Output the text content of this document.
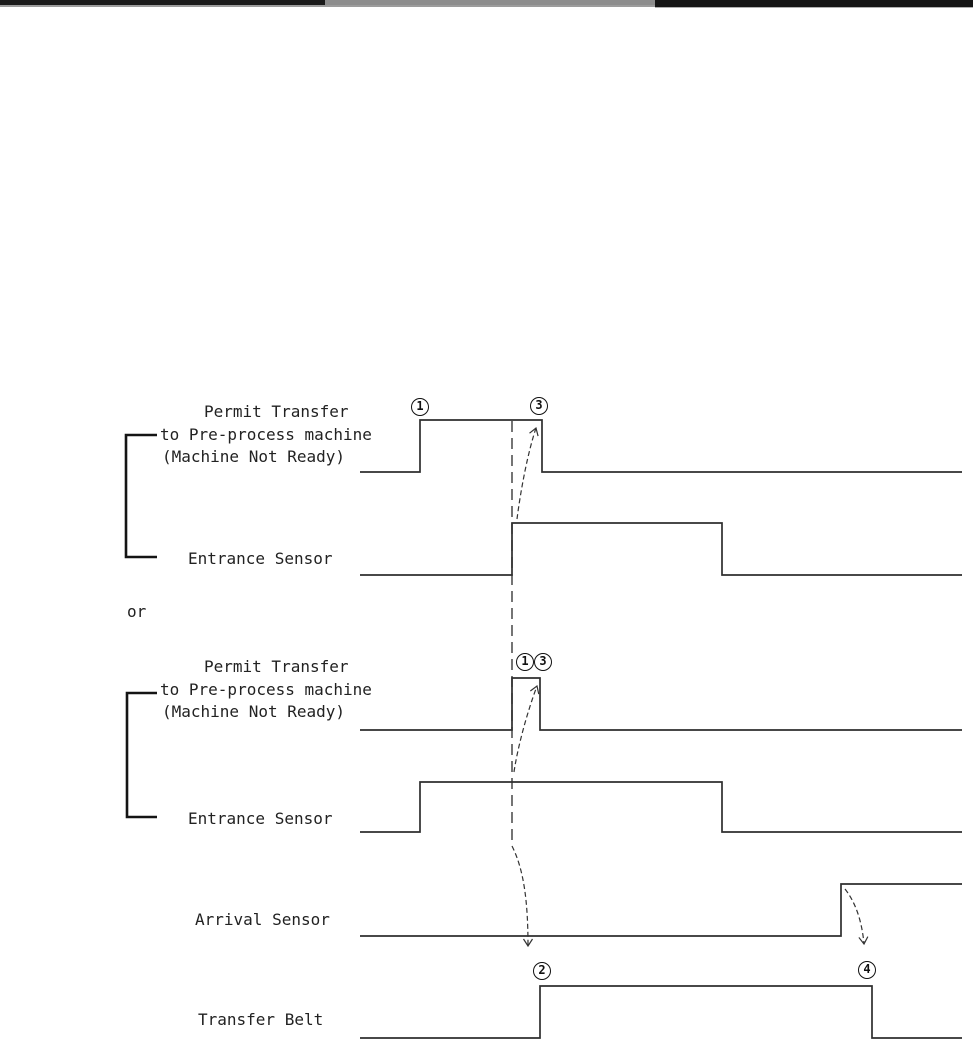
Permit Transfer
to Pre-process machine
(Machine Not Ready)
Entrance Sensor
or
Permit Transfer
to Pre-process machine
(Machine Not Ready)
Entrance Sensor
Arrival Sensor
Transfer Belt
1	3
1 3
2	4
